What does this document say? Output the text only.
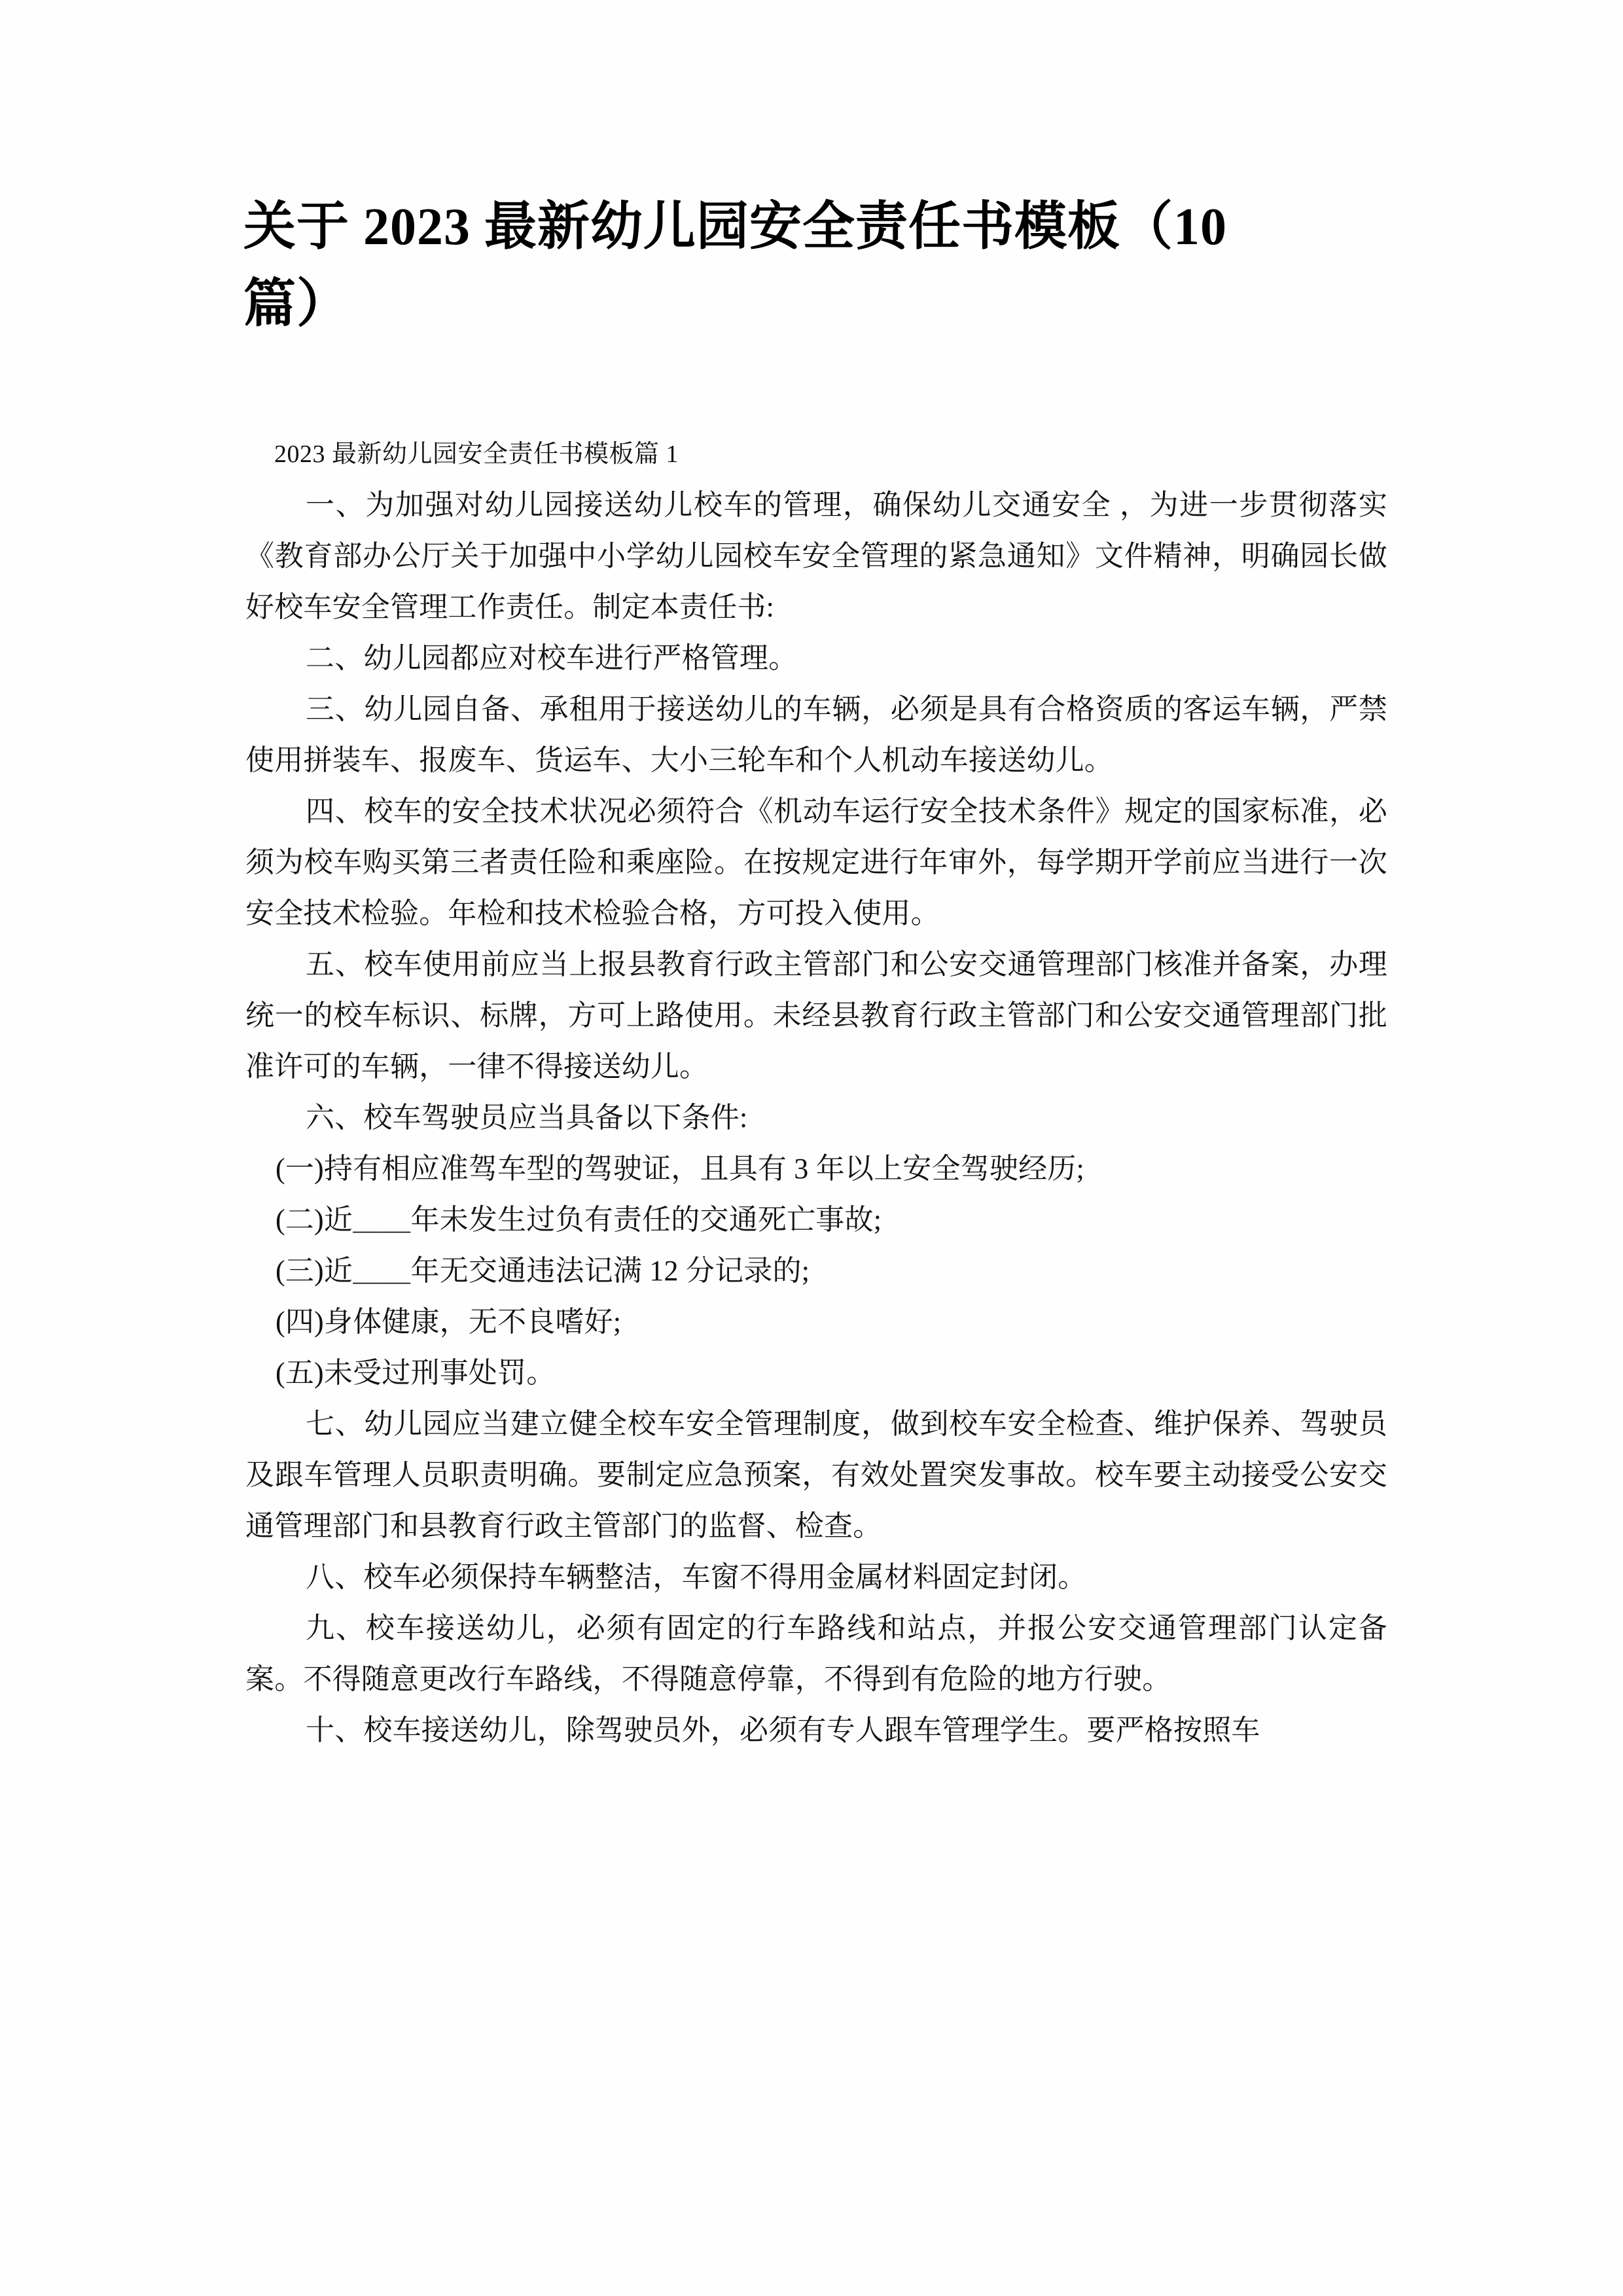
关于 2023 最新幼儿园安全责任书模板（10
篇）
2023 最新幼儿园安全责任书模板篇 1

一、为加强对幼儿园接送幼儿校车的管理，确保幼儿交通安全 ，为进一步贯彻落实《教育部办公厅关于加强中小学幼儿园校车安全管理的紧急通知》文件精神，明确园长做好校车安全管理工作责任。制定本责任书:

二、幼儿园都应对校车进行严格管理。

三、幼儿园自备、承租用于接送幼儿的车辆，必须是具有合格资质的客运车辆，严禁使用拼装车、报废车、货运车、大小三轮车和个人机动车接送幼儿。

四、校车的安全技术状况必须符合《机动车运行安全技术条件》规定的国家标准，必须为校车购买第三者责任险和乘座险。在按规定进行年审外，每学期开学前应当进行一次安全技术检验。年检和技术检验合格，方可投入使用。

五、校车使用前应当上报县教育行政主管部门和公安交通管理部门核准并备案，办理统一的校车标识、标牌，方可上路使用。未经县教育行政主管部门和公安交通管理部门批准许可的车辆，一律不得接送幼儿。

六、校车驾驶员应当具备以下条件:

(一)持有相应准驾车型的驾驶证，且具有 3 年以上安全驾驶经历;

(二)近＿＿年未发生过负有责任的交通死亡事故;

(三)近＿＿年无交通违法记满 12 分记录的;

(四)身体健康，无不良嗜好;

(五)未受过刑事处罚。

七、幼儿园应当建立健全校车安全管理制度，做到校车安全检查、维护保养、驾驶员及跟车管理人员职责明确。要制定应急预案，有效处置突发事故。校车要主动接受公安交通管理部门和县教育行政主管部门的监督、检查。

八、校车必须保持车辆整洁，车窗不得用金属材料固定封闭。

九、校车接送幼儿，必须有固定的行车路线和站点，并报公安交通管理部门认定备案。不得随意更改行车路线，不得随意停靠，不得到有危险的地方行驶。

十、校车接送幼儿，除驾驶员外，必须有专人跟车管理学生。要严格按照车
